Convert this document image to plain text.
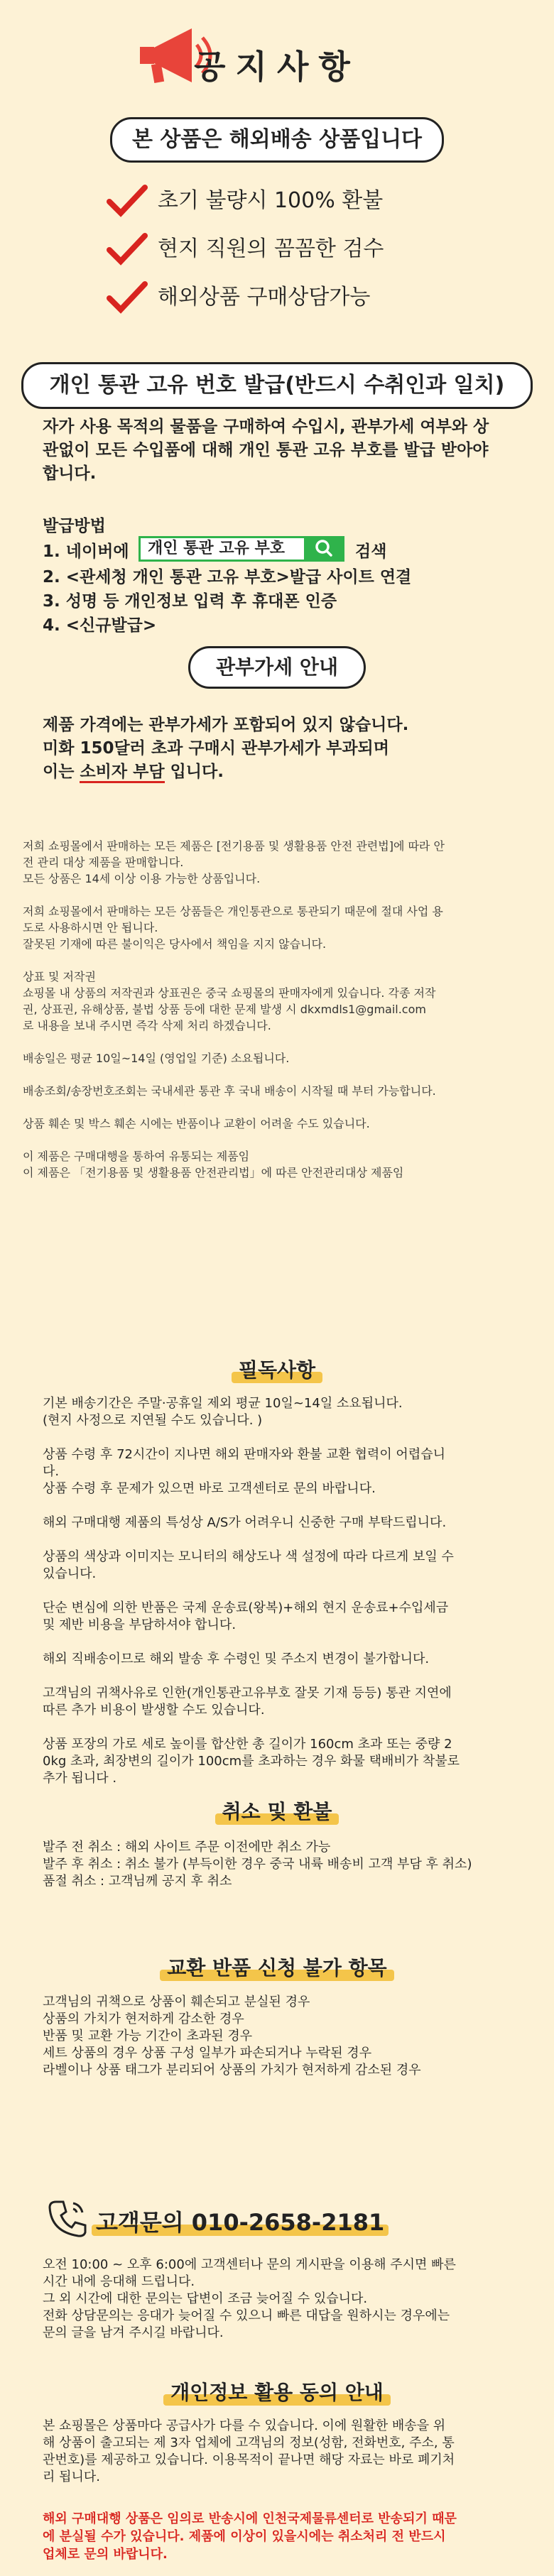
공지사항
본 상품은 해외배송 상품입니다
초기 불량시 100% 환불
현지 직원의 꼼꼼한 검수
해외상품 구매상담가능
개인 통관 고유 번호 발급(반드시 수취인과 일치)
자가 사용 목적의 물품을 구매하여 수입시, 관부가세 여부와 상
관없이 모든 수입품에 대해 개인 통관 고유 부호를 발급 받아야
합니다.
발급방법
1. 네이버에	개인 통관 고유 부호	검색
2. <관세청 개인 통관 고유 부호>발급 사이트 연결
3. 성명 등 개인정보 입력 후 휴대폰 인증
4. <신규발급>
관부가세 안내
제품 가격에는 관부가세가 포함되어 있지 않습니다.
미화 150달러 초과 구매시 관부가세가 부과되며
이는 소비자 부담 입니다.
저희 쇼핑몰에서 판매하는 모든 제품은 [전기용품 및 생활용품 안전 관련법]에 따라 안
전 관리 대상 제품을 판매합니다.
모든 상품은 14세 이상 이용 가능한 상품입니다.

저희 쇼핑몰에서 판매하는 모든 상품들은 개인통관으로 통관되기 때문에 절대 사업 용
도로 사용하시면 안 됩니다.
잘못된 기재에 따른 불이익은 당사에서 책임을 지지 않습니다.

상표 및 저작권
쇼핑몰 내 상품의 저작권과 상표권은 중국 쇼핑몰의 판매자에게 있습니다. 각종 저작
권, 상표권, 유해상품, 불법 상품 등에 대한 문제 발생 시 dkxmdls1@gmail.com
로 내용을 보내 주시면 즉각 삭제 처리 하겠습니다.

배송일은 평균 10일~14일 (영업일 기준) 소요됩니다.

배송조회/송장번호조회는 국내세관 통관 후 국내 배송이 시작될 때 부터 가능합니다.

상품 훼손 및 박스 훼손 시에는 반품이나 교환이 어려울 수도 있습니다.

이 제품은 구매대행을 통하여 유통되는 제품임
이 제품은 「전기용품 및 생활용품 안전관리법」에 따른 안전관리대상 제품임
필독사항
기본 배송기간은 주말·공휴일 제외 평균 10일~14일 소요됩니다.
(현지 사정으로 지연될 수도 있습니다. )

상품 수령 후 72시간이 지나면 해외 판매자와 환불 교환 협력이 어렵습니
다.
상품 수령 후 문제가 있으면 바로 고객센터로 문의 바랍니다.

해외 구매대행 제품의 특성상 A/S가 어려우니 신중한 구매 부탁드립니다.

상품의 색상과 이미지는 모니터의 해상도나 색 설정에 따라 다르게 보일 수
있습니다.

단순 변심에 의한 반품은 국제 운송료(왕복)+해외 현지 운송료+수입세금
및 제반 비용을 부담하셔야 합니다.

해외 직배송이므로 해외 발송 후 수령인 및 주소지 변경이 불가합니다.

고객님의 귀책사유로 인한(개인통관고유부호 잘못 기재 등등) 통관 지연에
따른 추가 비용이 발생할 수도 있습니다.

상품 포장의 가로 세로 높이를 합산한 총 길이가 160cm 초과 또는 중량 2
0kg 초과, 최장변의 길이가 100cm를 초과하는 경우 화물 택배비가 착불로
추가 됩니다 .
취소 및 환불
발주 전 취소 : 해외 사이트 주문 이전에만 취소 가능
발주 후 취소 : 취소 불가 (부득이한 경우 중국 내륙 배송비 고객 부담 후 취소)
품절 취소 : 고객님께 공지 후 취소
교환 반품 신청 불가 항목
고객님의 귀책으로 상품이 훼손되고 분실된 경우
상품의 가치가 현저하게 감소한 경우
반품 및 교환 가능 기간이 초과된 경우
세트 상품의 경우 상품 구성 일부가 파손되거나 누락된 경우
라벨이나 상품 태그가 분리되어 상품의 가치가 현저하게 감소된 경우
고객문의 010-2658-2181
오전 10:00 ~ 오후 6:00에 고객센터나 문의 게시판을 이용해 주시면 빠른
시간 내에 응대해 드립니다.
그 외 시간에 대한 문의는 답변이 조금 늦어질 수 있습니다.
전화 상담문의는 응대가 늦어질 수 있으니 빠른 대답을 원하시는 경우에는
문의 글을 남겨 주시길 바랍니다.
개인정보 활용 동의 안내
본 쇼핑몰은 상품마다 공급사가 다를 수 있습니다. 이에 원활한 배송을 위
해 상품이 출고되는 제 3자 업체에 고객님의 정보(성함, 전화번호, 주소, 통
관번호)를 제공하고 있습니다. 이용목적이 끝나면 해당 자료는 바로 폐기처
리 됩니다.
해외 구매대행 상품은 임의로 반송시에 인천국제물류센터로 반송되기 때문
에 분실될 수가 있습니다. 제품에 이상이 있을시에는 취소처리 전 반드시
업체로 문의 바랍니다.
